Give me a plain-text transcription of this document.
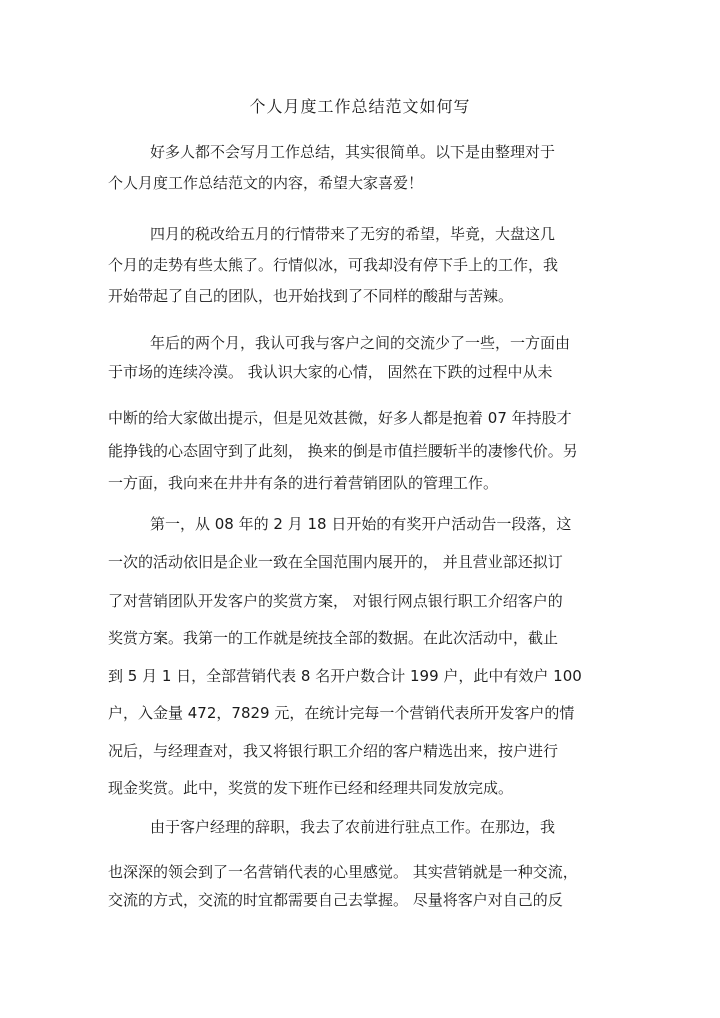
个人月度工作总结范文如何写
好多人都不会写月工作总结，其实很简单。以下是由整理对于
个人月度工作总结范文的内容，希望大家喜爱！
四月的税改给五月的行情带来了无穷的希望，毕竟，大盘这几
个月的走势有些太熊了。行情似冰，可我却没有停下手上的工作，我
开始带起了自己的团队，也开始找到了不同样的酸甜与苦辣。
年后的两个月，我认可我与客户之间的交流少了一些，一方面由
于市场的连续冷漠。 我认识大家的心情， 固然在下跌的过程中从未
中断的给大家做出提示，但是见效甚微，好多人都是抱着 07 年持股才
能挣钱的心态固守到了此刻， 换来的倒是市值拦腰斩半的凄惨代价。另
一方面，我向来在井井有条的进行着营销团队的管理工作。
第一，从 08 年的 2 月 18 日开始的有奖开户活动告一段落，这
一次的活动依旧是企业一致在全国范围内展开的， 并且营业部还拟订
了对营销团队开发客户的奖赏方案， 对银行网点银行职工介绍客户的
奖赏方案。我第一的工作就是统技全部的数据。在此次活动中，截止
到 5 月 1 日，全部营销代表 8 名开户数合计 199 户，此中有效户 100
户，入金量 472，7829 元，在统计完每一个营销代表所开发客户的情
况后，与经理查对，我又将银行职工介绍的客户精选出来，按户进行
现金奖赏。此中，奖赏的发下班作已经和经理共同发放完成。
由于客户经理的辞职，我去了农前进行驻点工作。在那边，我
也深深的领会到了一名营销代表的心里感觉。 其实营销就是一种交流，
交流的方式，交流的时宜都需要自己去掌握。 尽量将客户对自己的反
